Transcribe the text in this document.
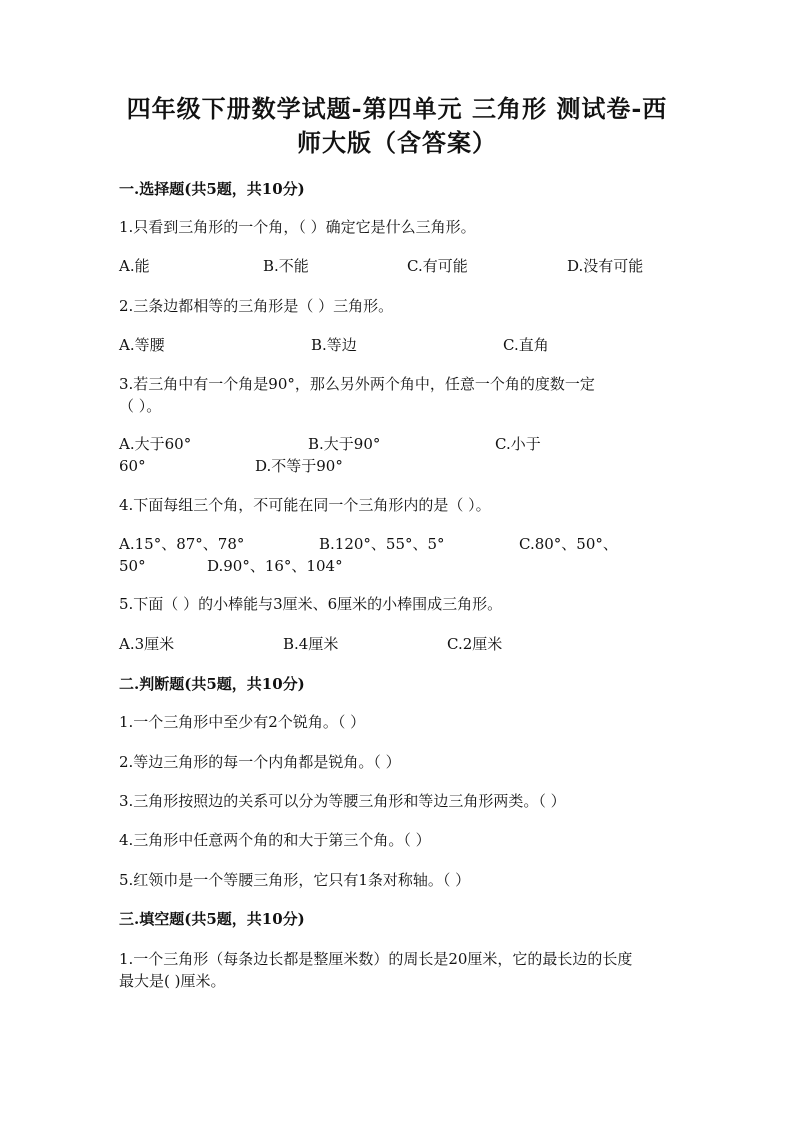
四年级下册数学试题-第四单元 三角形 测试卷-西
师大版（含答案）
一.选择题(共5题，共10分)
1.只看到三角形的一个角，（ ）确定它是什么三角形。
A.能	B.不能	C.有可能	D.没有可能
2.三条边都相等的三角形是（ ）三角形。
A.等腰	B.等边	C.直角
3.若三角中有一个角是90°，那么另外两个角中，任意一个角的度数一定
（ ）。
A.大于60°	B.大于90°	C.小于
60°	D.不等于90°
4.下面每组三个角，不可能在同一个三角形内的是（ ）。
A.15°、87°、78°	B.120°、55°、5°	C.80°、50°、
50°	D.90°、16°、104°
5.下面（ ）的小棒能与3厘米、6厘米的小棒围成三角形。
A.3厘米	B.4厘米	C.2厘米
二.判断题(共5题，共10分)
1.一个三角形中至少有2个锐角。（ ）
2.等边三角形的每一个内角都是锐角。（ ）
3.三角形按照边的关系可以分为等腰三角形和等边三角形两类。（ ）
4.三角形中任意两个角的和大于第三个角。（ ）
5.红领巾是一个等腰三角形，它只有1条对称轴。（ ）
三.填空题(共5题，共10分)
1.一个三角形（每条边长都是整厘米数）的周长是20厘米，它的最长边的长度
最大是( )厘米。
